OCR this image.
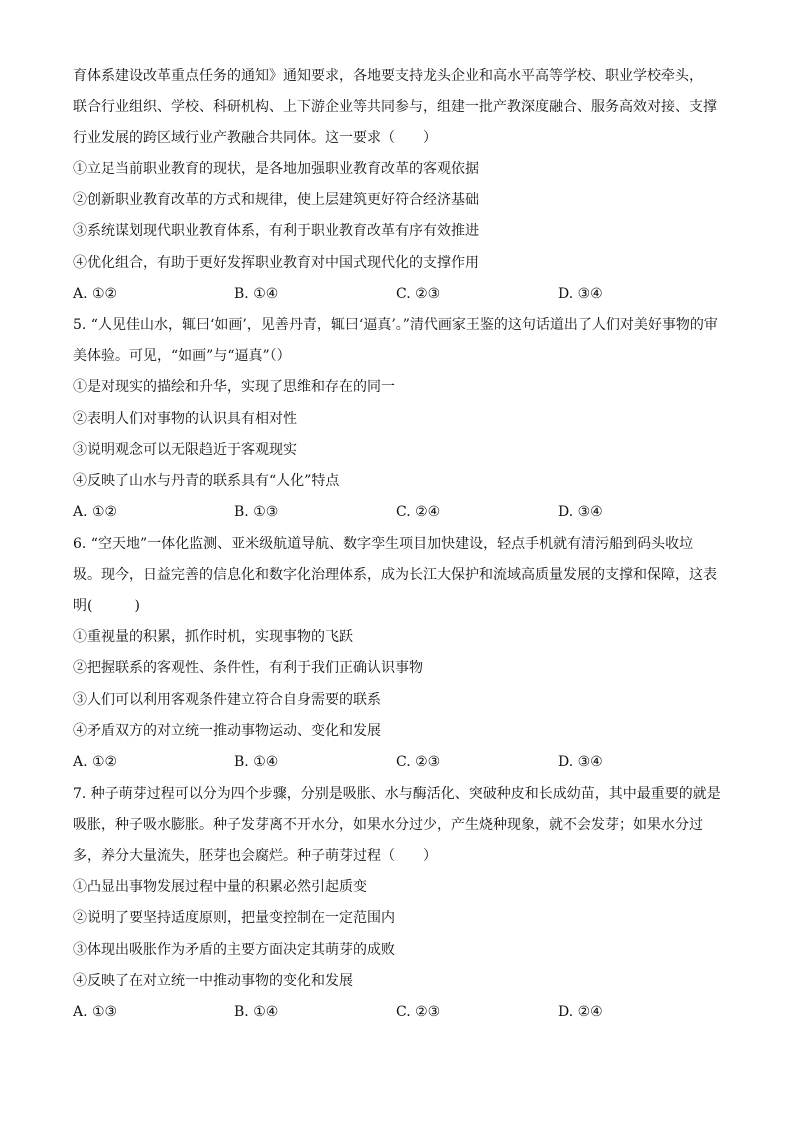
育体系建设改革重点任务的通知》通知要求，各地要支持龙头企业和高水平高等学校、职业学校牵头，
联合行业组织、学校、科研机构、上下游企业等共同参与，组建一批产教深度融合、服务高效对接、支撑
行业发展的跨区域行业产教融合共同体。这一要求（　　）
①立足当前职业教育的现状，是各地加强职业教育改革的客观依据
②创新职业教育改革的方式和规律，使上层建筑更好符合经济基础
③系统谋划现代职业教育体系，有利于职业教育改革有序有效推进
④优化组合，有助于更好发挥职业教育对中国式现代化的支撑作用
A. ①②	B. ①④	C. ②③	D. ③④
5. “人见佳山水，辄曰‘如画’，见善丹青，辄曰‘逼真’。”清代画家王鉴的这句话道出了人们对美好事物的审
美体验。可见，“如画”与“逼真”（）
①是对现实的描绘和升华，实现了思维和存在的同一
②表明人们对事物的认识具有相对性
③说明观念可以无限趋近于客观现实
④反映了山水与丹青的联系具有“人化”特点
A. ①②	B. ①③	C. ②④	D. ③④
6. “空天地”一体化监测、亚米级航道导航、数字孪生项目加快建设，轻点手机就有清污船到码头收垃
圾。现今，日益完善的信息化和数字化治理体系，成为长江大保护和流域高质量发展的支撑和保障，这表
明(　　　)
①重视量的积累，抓作时机，实现事物的飞跃
②把握联系的客观性、条件性，有利于我们正确认识事物
③人们可以利用客观条件建立符合自身需要的联系
④矛盾双方的对立统一推动事物运动、变化和发展
A. ①②	B. ①④	C. ②③	D. ③④
7. 种子萌芽过程可以分为四个步骤，分别是吸胀、水与酶活化、突破种皮和长成幼苗，其中最重要的就是
吸胀，种子吸水膨胀。种子发芽离不开水分，如果水分过少，产生烧种现象，就不会发芽；如果水分过
多，养分大量流失，胚芽也会腐烂。种子萌芽过程（　　）
①凸显出事物发展过程中量的积累必然引起质变
②说明了要坚持适度原则，把量变控制在一定范围内
③体现出吸胀作为矛盾的主要方面决定其萌芽的成败
④反映了在对立统一中推动事物的变化和发展
A. ①③	B. ①④	C. ②③	D. ②④
